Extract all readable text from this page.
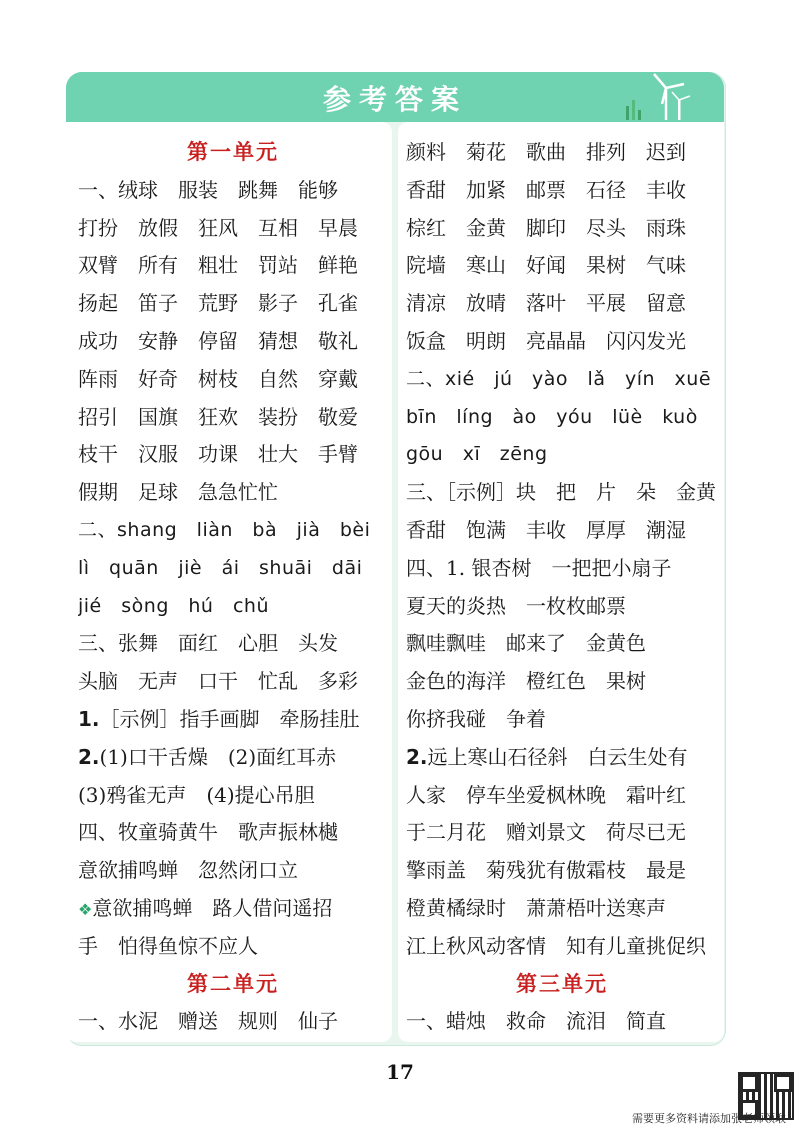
参考答案
第一单元
一、绒球　服装　跳舞　能够
打扮　放假　狂风　互相　早晨
双臂　所有　粗壮　罚站　鲜艳
扬起　笛子　荒野　影子　孔雀
成功　安静　停留　猜想　敬礼
阵雨　好奇　树枝　自然　穿戴
招引　国旗　狂欢　装扮　敬爱
枝干　汉服　功课　壮大　手臂
假期　足球　急急忙忙
二、shang　liàn　bà　jià　bèi
lì　quān　jiè　ái　shuāi　dāi
jié　sòng　hú　chǔ
三、张舞　面红　心胆　头发
头脑　无声　口干　忙乱　多彩
1.［示例］指手画脚　牵肠挂肚
2.(1)口干舌燥　(2)面红耳赤
(3)鸦雀无声　(4)提心吊胆
四、牧童骑黄牛　歌声振林樾
意欲捕鸣蝉　忽然闭口立
❖意欲捕鸣蝉　路人借问遥招
手　怕得鱼惊不应人
第二单元
一、水泥　赠送　规则　仙子
颜料　菊花　歌曲　排列　迟到
香甜　加紧　邮票　石径　丰收
棕红　金黄　脚印　尽头　雨珠
院墙　寒山　好闻　果树　气味
清凉　放晴　落叶　平展　留意
饭盒　明朗　亮晶晶　闪闪发光
二、xié　jú　yào　lǎ　yín　xuē
bīn　líng　ào　yóu　lüè　kuò
gōu　xī　zēng
三、［示例］块　把　片　朵　金黄
香甜　饱满　丰收　厚厚　潮湿
四、1. 银杏树　一把把小扇子
夏天的炎热　一枚枚邮票
飘哇飘哇　邮来了　金黄色
金色的海洋　橙红色　果树
你挤我碰　争着
2.远上寒山石径斜　白云生处有
人家　停车坐爱枫林晚　霜叶红
于二月花　赠刘景文　荷尽已无
擎雨盖　菊残犹有傲霜枝　最是
橙黄橘绿时　萧萧梧叶送寒声
江上秋风动客情　知有儿童挑促织
第三单元
一、蜡烛　救命　流泪　简直
17
需要更多资料请添加张老师领取
